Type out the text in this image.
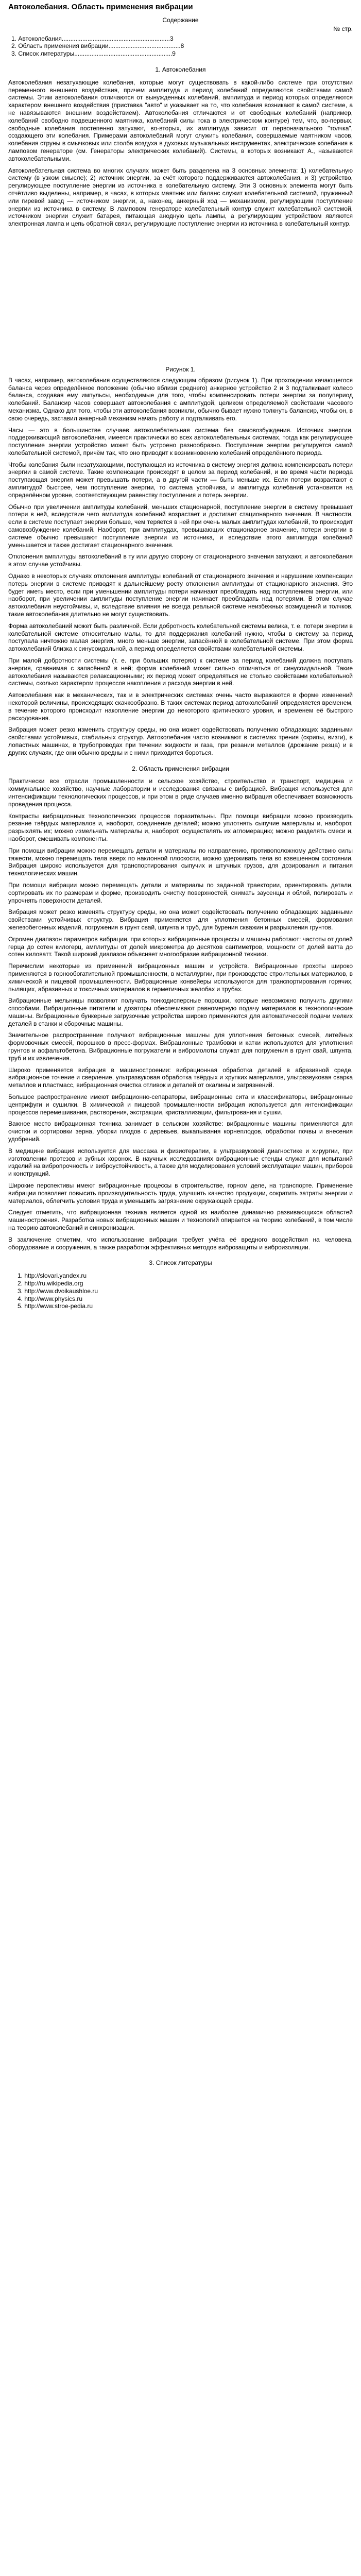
Автоколебания. Область применения вибрации
Содержание
№ стр.
1. Автоколебания...............................................................3
2. Область применения вибрации..........................................8
3. Список литературы.........................................................9
1. Автоколебания

Автоколебания незатухающие колебания, которые могут существовать в какой-либо системе при отсутствии переменного внешнего воздействия, причем амплитуда и период колебаний определяются свойствами самой системы. Этим автоколебания отличаются от вынужденных колебаний, амплитуда и период которых определяются характером внешнего воздействия (приставка "авто" и указывает на то, что колебания возникают в самой системе, а не навязываются внешним воздействием). Автоколебания отличаются и от свободных колебаний (например, колебаний свободно подвешенного маятника, колебаний силы тока в электрическом контуре) тем, что, во-первых, свободные колебания постепенно затухают, во-вторых, их амплитуда зависит от первоначального "толчка", создающего эти колебания. Примерами автоколебаний могут служить колебания, совершаемые маятником часов, колебания струны в смычковых или столба воздуха в духовых музыкальных инструментах, электрические колебания в ламповом генераторе (см. Генераторы электрических колебаний). Системы, в которых возникают А., называются автоколебательными.

Автоколебательная система во многих случаях может быть разделена на 3 основных элемента: 1) колебательную систему (в узком смысле); 2) источник энергии, за счёт которого поддерживаются автоколебания, и 3) устройство, регулирующее поступление энергии из источника в колебательную систему. Эти 3 основных элемента могут быть отчётливо выделены, например, в часах, в которых маятник или баланс служит колебательной системой, пружинный или гиревой завод — источником энергии, а, наконец, анкерный ход — механизмом, регулирующим поступление энергии из источника в систему. В ламповом генераторе колебательный контур служит колебательной системой, источником энергии служит батарея, питающая анодную цепь лампы, а регулирующим устройством являются электронная лампа и цепь обратной связи, регулирующие поступление энергии из источника в колебательный контур.

Рисунок 1.

В часах, например, автоколебания осуществляются следующим образом (рисунок 1). При прохождении качающегося баланса через определённое положение (обычно вблизи среднего) анкерное устройство 2 и 3 подталкивает колесо баланса, создавая ему импульсы, необходимые для того, чтобы компенсировать потери энергии за полупериод колебаний. Балансир часов совершает автоколебания с амплитудой, целиком определяемой свойствами часового механизма. Однако для того, чтобы эти автоколебания возникли, обычно бывает нужно толкнуть балансир, чтобы он, в свою очередь, заставил анкерный механизм начать работу и подталкивать его.

Часы — это в большинстве случаев автоколебательная система без самовозбуждения. Источник энергии, поддерживающий автоколебания, имеется практически во всех автоколебательных системах, тогда как регулирующее поступление энергии устройство может быть устроено разнообразно. Поступление энергии регулируется самой колебательной системой, причём так, что оно приводит к возникновению колебаний определённого периода.

Чтобы колебания были незатухающими, поступающая из источника в систему энергия должна компенсировать потери энергии в самой системе. Такие компенсации происходят в целом за период колебаний, и во время части периода поступающая энергия может превышать потери, а в другой части — быть меньше их. Если потери возрастают с амплитудой быстрее, чем поступление энергии, то система устойчива, и амплитуда колебаний установится на определённом уровне, соответствующем равенству поступления и потерь энергии.

Обычно при увеличении амплитуды колебаний, меньших стационарной, поступление энергии в систему превышает потери в ней, вследствие чего амплитуда колебаний возрастает и достигает стационарного значения. В частности, если в системе поступает энергии больше, чем теряется в ней при очень малых амплитудах колебаний, то происходит самовозбуждение колебаний. Наоборот, при амплитудах, превышающих стационарное значение, потери энергии в системе обычно превышают поступление энергии из источника, и вследствие этого амплитуда колебаний уменьшается и также достигает стационарного значения.

Отклонения амплитуды автоколебаний в ту или другую сторону от стационарного значения затухают, и автоколебания в этом случае устойчивы.

Однако в некоторых случаях отклонения амплитуды колебаний от стационарного значения и нарушение компенсации потерь энергии в системе приводят к дальнейшему росту отклонения амплитуды от стационарного значения. Это будет иметь место, если при уменьшении амплитуды потери начинают преобладать над поступлением энергии, или наоборот, при увеличении амплитуды поступление энергии начинает преобладать над потерями. В этом случае автоколебания неустойчивы, и, вследствие влияния не всегда реальной системе неизбежных возмущений и толчков, такие автоколебания длительно не могут существовать.

Форма автоколебаний может быть различной. Если добротность колебательной системы велика, т. е. потери энергии в колебательной системе относительно малы, то для поддержания колебаний нужно, чтобы в систему за период поступала ничтожно малая энергия, много меньше энергии, запасённой в колебательной системе. При этом форма автоколебаний близка к синусоидальной, а период определяется свойствами колебательной системы.

При малой добротности системы (т. е. при больших потерях) к системе за период колебаний должна поступать энергия, сравнимая с запасённой в ней; форма колебаний может сильно отличаться от синусоидальной. Такие автоколебания называются релаксационными; их период может определяться не столько свойствами колебательной системы, сколько характером процессов накопления и расхода энергии в ней.

Автоколебания как в механических, так и в электрических системах очень часто выражаются в форме изменений некоторой величины, происходящих скачкообразно. В таких системах период автоколебаний определяется временем, в течение которого происходит накопление энергии до некоторого критического уровня, и временем её быстрого расходования.

Вибрация может резко изменить структуру среды, но она может содействовать получению обладающих заданными свойствами устойчивых, стабильных структур. Автоколебания часто возникают в системах трения (скрипы, визги), в лопастных машинах, в трубопроводах при течении жидкости и газа, при резании металлов (дрожание резца) и в других случаях, где они обычно вредны и с ними приходится бороться.

2. Область применения вибрации

Практически все отрасли промышленности и сельское хозяйство, строительство и транспорт, медицина и коммунальное хозяйство, научные лаборатории и исследования связаны с вибрацией. Вибрация используется для интенсификации технологических процессов, и при этом в ряде случаев именно вибрация обеспечивает возможность проведения процесса.

Контрасты вибрационных технологических процессов поразительны. При помощи вибрации можно производить резание твёрдых материалов и, наоборот, соединение деталей; можно уплотнять сыпучие материалы и, наоборот, разрыхлять их; можно измельчать материалы и, наоборот, осуществлять их агломерацию; можно разделять смеси и, наоборот, смешивать компоненты.

При помощи вибрации можно перемещать детали и материалы по направлению, противоположному действию силы тяжести, можно перемещать тела вверх по наклонной плоскости, можно удерживать тела во взвешенном состоянии. Вибрация широко используется для транспортирования сыпучих и штучных грузов, для дозирования и питания технологических машин.

При помощи вибрации можно перемещать детали и материалы по заданной траектории, ориентировать детали, сортировать их по размерам и форме, производить очистку поверхностей, снимать заусенцы и облой, полировать и упрочнять поверхности деталей.

Вибрация может резко изменять структуру среды, но она может содействовать получению обладающих заданными свойствами устойчивых структур. Вибрация применяется для уплотнения бетонных смесей, формования железобетонных изделий, погружения в грунт свай, шпунта и труб, для бурения скважин и разрыхления грунтов.

Огромен диапазон параметров вибрации, при которых вибрационные процессы и машины работают: частоты от долей герца до сотен килогерц, амплитуды от долей микрометра до десятков сантиметров, мощности от долей ватта до сотен киловатт. Такой широкий диапазон объясняет многообразие вибрационной техники.

Перечислим некоторые из применений вибрационных машин и устройств. Вибрационные грохоты широко применяются в горнообогатительной промышленности, в металлургии, при производстве строительных материалов, в химической и пищевой промышленности. Вибрационные конвейеры используются для транспортирования горячих, пылящих, абразивных и токсичных материалов в герметичных желобах и трубах.

Вибрационные мельницы позволяют получать тонкодисперсные порошки, которые невозможно получить другими способами. Вибрационные питатели и дозаторы обеспечивают равномерную подачу материалов в технологические машины. Вибрационные бункерные загрузочные устройства широко применяются для автоматической подачи мелких деталей в станки и сборочные машины.

Значительное распространение получают вибрационные машины для уплотнения бетонных смесей, литейных формовочных смесей, порошков в пресс-формах. Вибрационные трамбовки и катки используются для уплотнения грунтов и асфальтобетона. Вибрационные погружатели и вибромолоты служат для погружения в грунт свай, шпунта, труб и их извлечения.

Широко применяется вибрация в машиностроении: вибрационная обработка деталей в абразивной среде, вибрационное точение и сверление, ультразвуковая обработка твёрдых и хрупких материалов, ультразвуковая сварка металлов и пластмасс, вибрационная очистка отливок и деталей от окалины и загрязнений.

Большое распространение имеют вибрационно-сепараторы, вибрационные сита и классификаторы, вибрационные центрифуги и сушилки. В химической и пищевой промышленности вибрация используется для интенсификации процессов перемешивания, растворения, экстракции, кристаллизации, фильтрования и сушки.

Важное место вибрационная техника занимает в сельском хозяйстве: вибрационные машины применяются для очистки и сортировки зерна, уборки плодов с деревьев, выкапывания корнеплодов, обработки почвы и внесения удобрений.

В медицине вибрация используется для массажа и физиотерапии, в ультразвуковой диагностике и хирургии, при изготовлении протезов и зубных коронок. В научных исследованиях вибрационные стенды служат для испытаний изделий на вибропрочность и виброустойчивость, а также для моделирования условий эксплуатации машин, приборов и конструкций.

Широкие перспективы имеют вибрационные процессы в строительстве, горном деле, на транспорте. Применение вибрации позволяет повысить производительность труда, улучшить качество продукции, сократить затраты энергии и материалов, облегчить условия труда и уменьшить загрязнение окружающей среды.

Следует отметить, что вибрационная техника является одной из наиболее динамично развивающихся областей машиностроения. Разработка новых вибрационных машин и технологий опирается на теорию колебаний, в том числе на теорию автоколебаний и синхронизации.

В заключение отметим, что использование вибрации требует учёта её вредного воздействия на человека, оборудование и сооружения, а также разработки эффективных методов виброзащиты и виброизоляции.

3. Список литературы
1. http://slovari.yandex.ru
2. http://ru.wikipedia.org
3. http://www.dvoikaushloe.ru
4. http://www.physics.ru
5. http://www.stroe-pedia.ru
